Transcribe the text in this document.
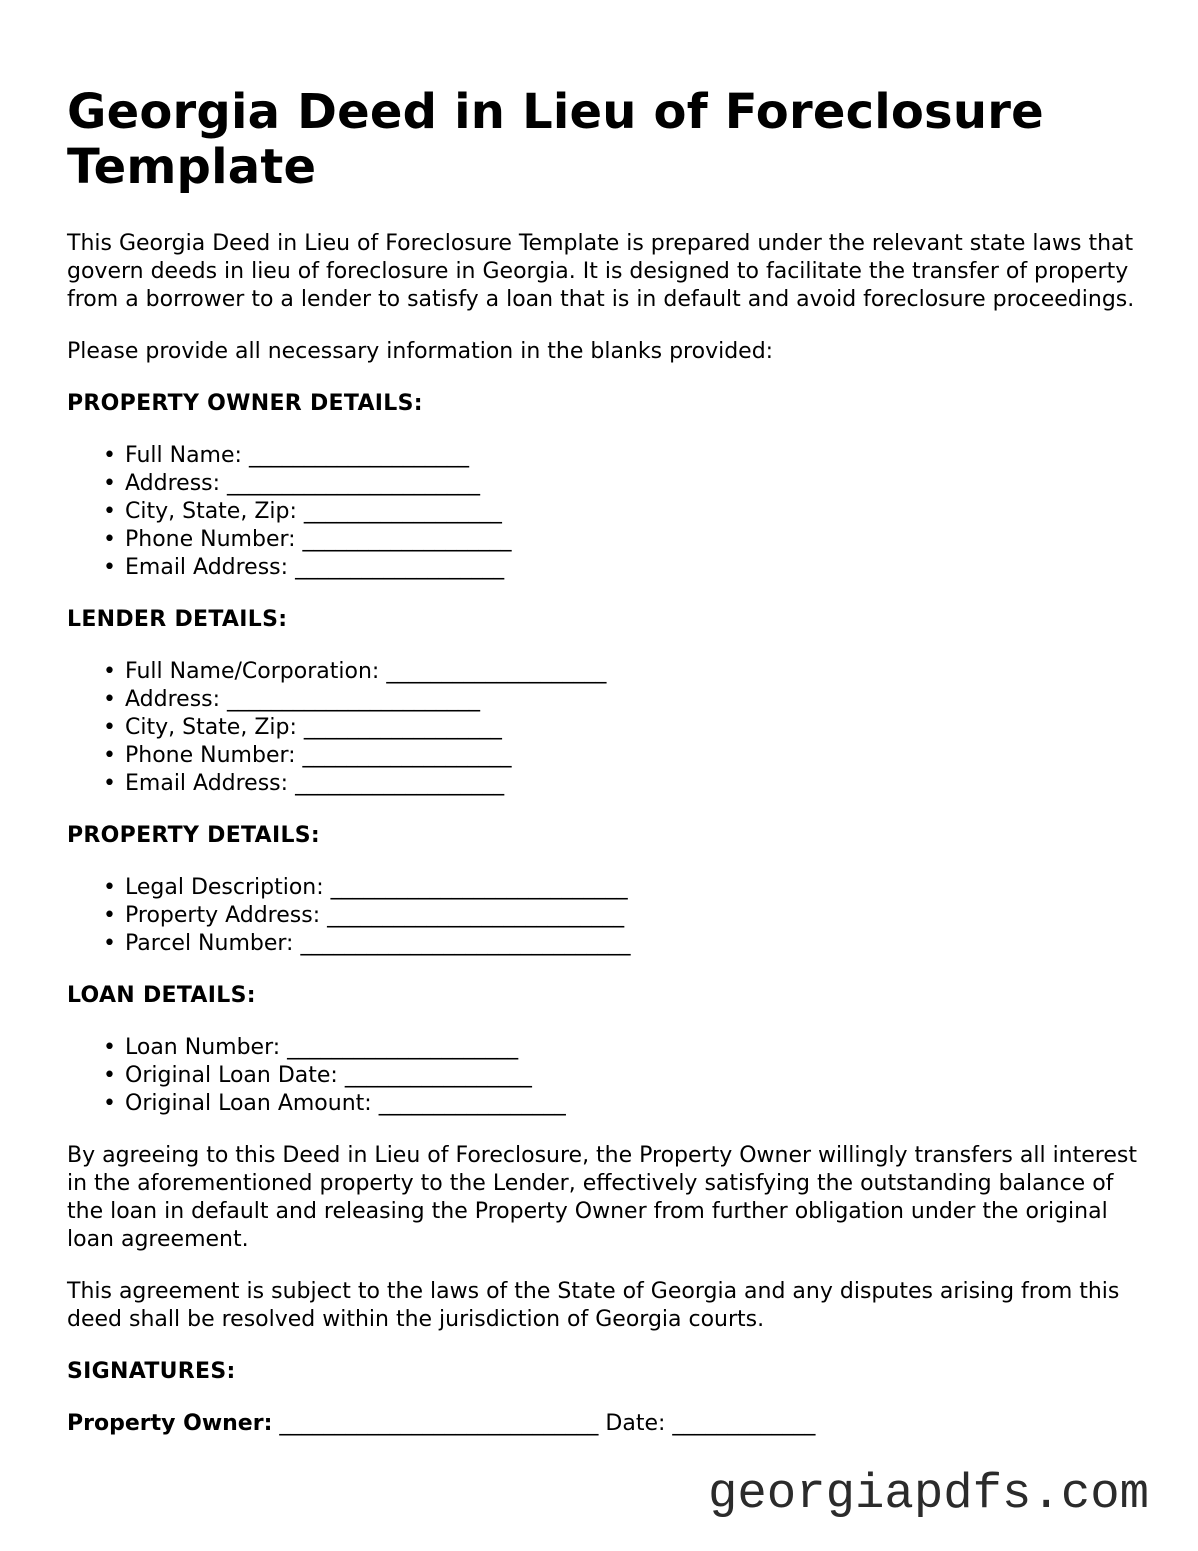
Georgia Deed in Lieu of Foreclosure Template

This Georgia Deed in Lieu of Foreclosure Template is prepared under the relevant state laws that govern deeds in lieu of foreclosure in Georgia. It is designed to facilitate the transfer of property from a borrower to a lender to satisfy a loan that is in default and avoid foreclosure proceedings.

Please provide all necessary information in the blanks provided:

PROPERTY OWNER DETAILS:
• Full Name: ____________________
• Address: _______________________
• City, State, Zip: __________________
• Phone Number: ___________________
• Email Address: ___________________
LENDER DETAILS:
• Full Name/Corporation: ____________________
• Address: _______________________
• City, State, Zip: __________________
• Phone Number: ___________________
• Email Address: ___________________
PROPERTY DETAILS:
• Legal Description: ___________________________
• Property Address: ___________________________
• Parcel Number: ______________________________
LOAN DETAILS:
• Loan Number: _____________________
• Original Loan Date: _________________
• Original Loan Amount: _________________

By agreeing to this Deed in Lieu of Foreclosure, the Property Owner willingly transfers all interest in the aforementioned property to the Lender, effectively satisfying the outstanding balance of the loan in default and releasing the Property Owner from further obligation under the original loan agreement.

This agreement is subject to the laws of the State of Georgia and any disputes arising from this deed shall be resolved within the jurisdiction of Georgia courts.

SIGNATURES:
Property Owner: _____________________________ Date: _____________
georgiapdfs.com
